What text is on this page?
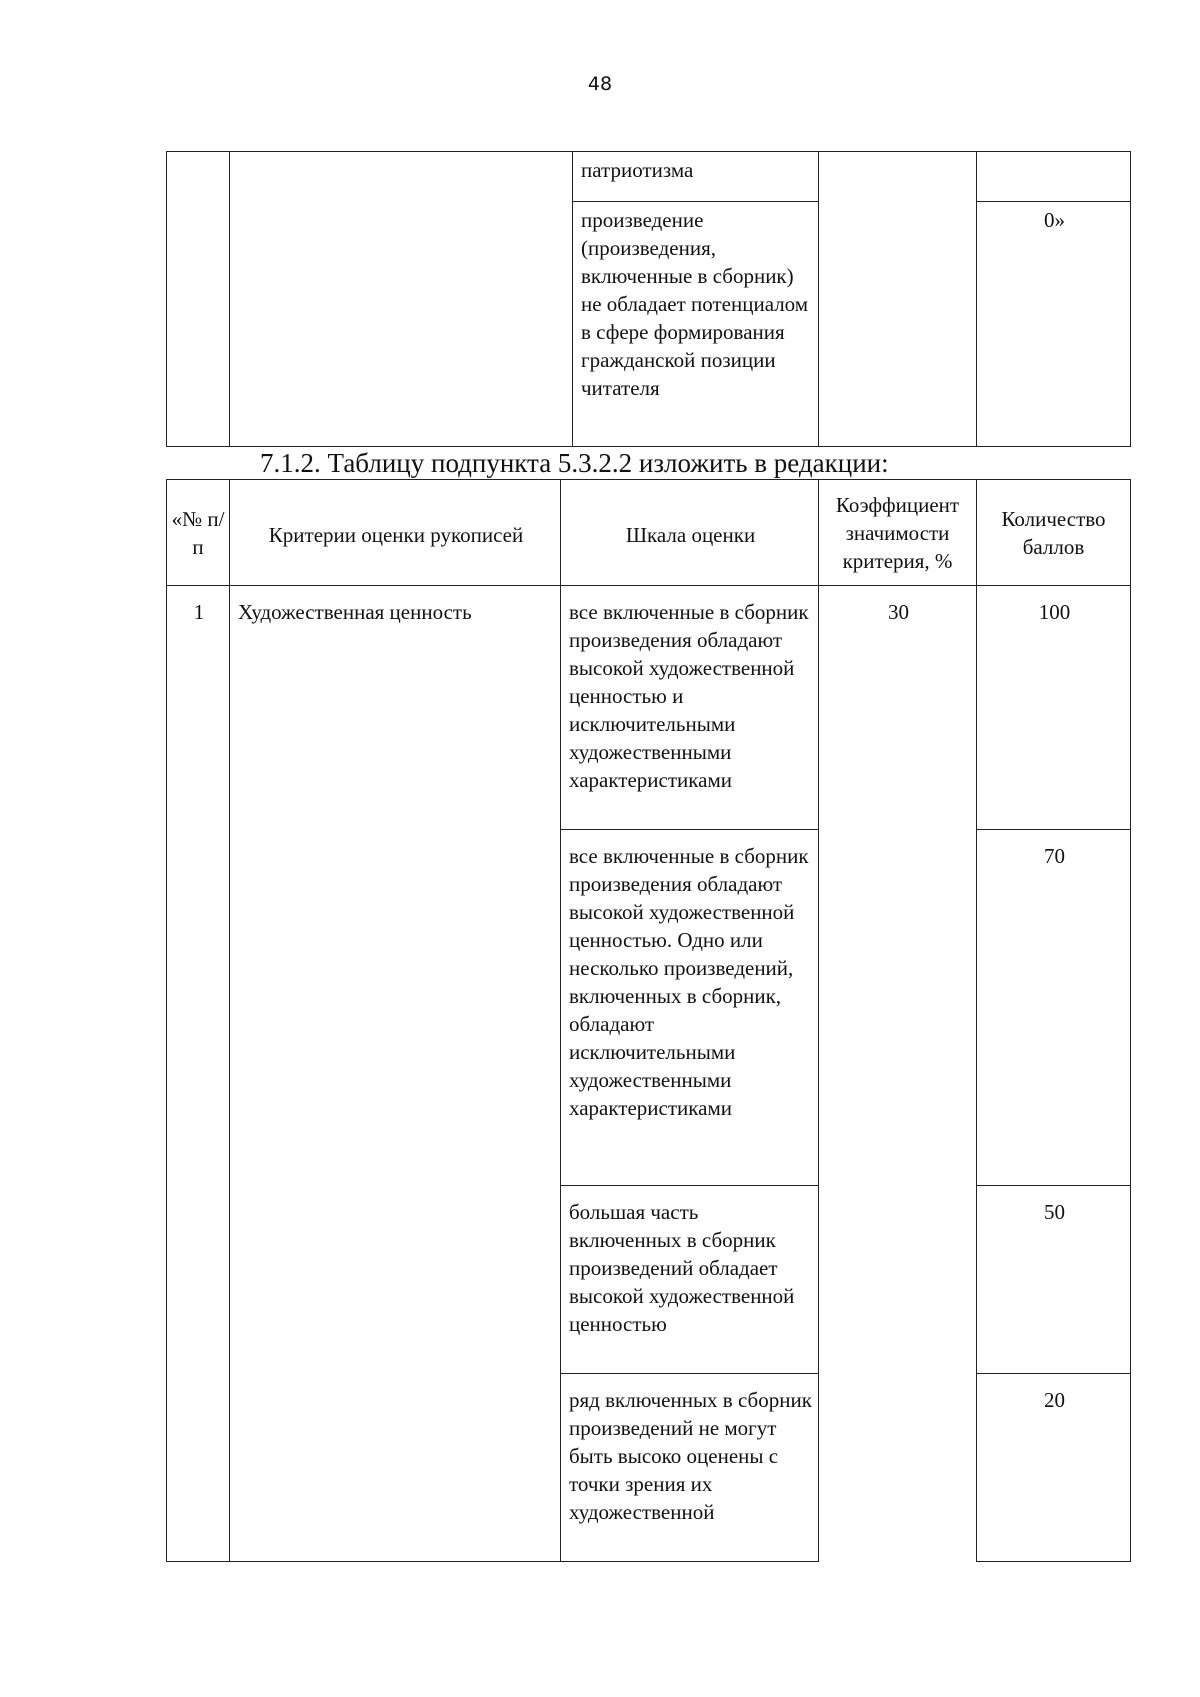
48

		патриотизма		

		произведение (произведения, включенные в сборник) не обладает потенциалом в сфере формирования гражданской позиции читателя		0»
7.1.2. Таблицу подпункта 5.3.2.2 изложить в редакции:
«№ п/п	Критерии оценки рукописей	Шкала оценки	Коэффициент значимости критерия, %	Количество баллов

1	Художественная ценность	все включенные в сборник произведения обладают высокой художественной ценностью и исключительными художественными характеристиками	30	100

		все включенные в сборник произведения обладают высокой художественной ценностью. Одно или несколько произведений, включенных в сборник, обладают исключительными художественными характеристиками		70

		большая часть включенных в сборник произведений обладает высокой художественной ценностью		50

		ряд включенных в сборник произведений не могут быть высоко оценены с точки зрения их художественной		20
